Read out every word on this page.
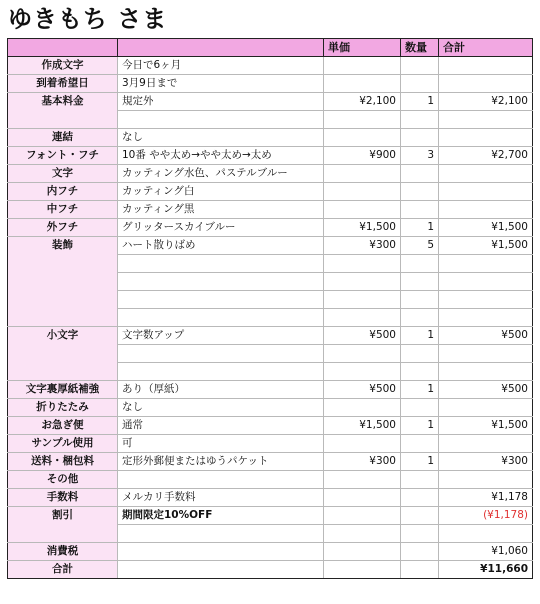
ゆきもち さま
		単価	数量	合計
作成文字	今日で6ヶ月			
到着希望日	3月9日まで			
基本料金	規定外	¥2,100	1	¥2,100

連結	なし			
フォント・フチ	10番 やや太め→やや太め→太め	¥900	3	¥2,700
文字	カッティング水色、パステルブルー			
内フチ	カッティング白			
中フチ	カッティング黒			
外フチ	グリッタースカイブルー	¥1,500	1	¥1,500
装飾	ハート散りばめ	¥300	5	¥1,500

小文字	文字数アップ	¥500	1	¥500

文字裏厚紙補強	あり（厚紙）	¥500	1	¥500
折りたたみ	なし			
お急ぎ便	通常	¥1,500	1	¥1,500
サンプル使用	可			
送料・梱包料	定形外郵便またはゆうパケット	¥300	1	¥300
その他				
手数料	メルカリ手数料			¥1,178
割引	期間限定10%OFF			(¥1,178)

消費税				¥1,060
合計				¥11,660
